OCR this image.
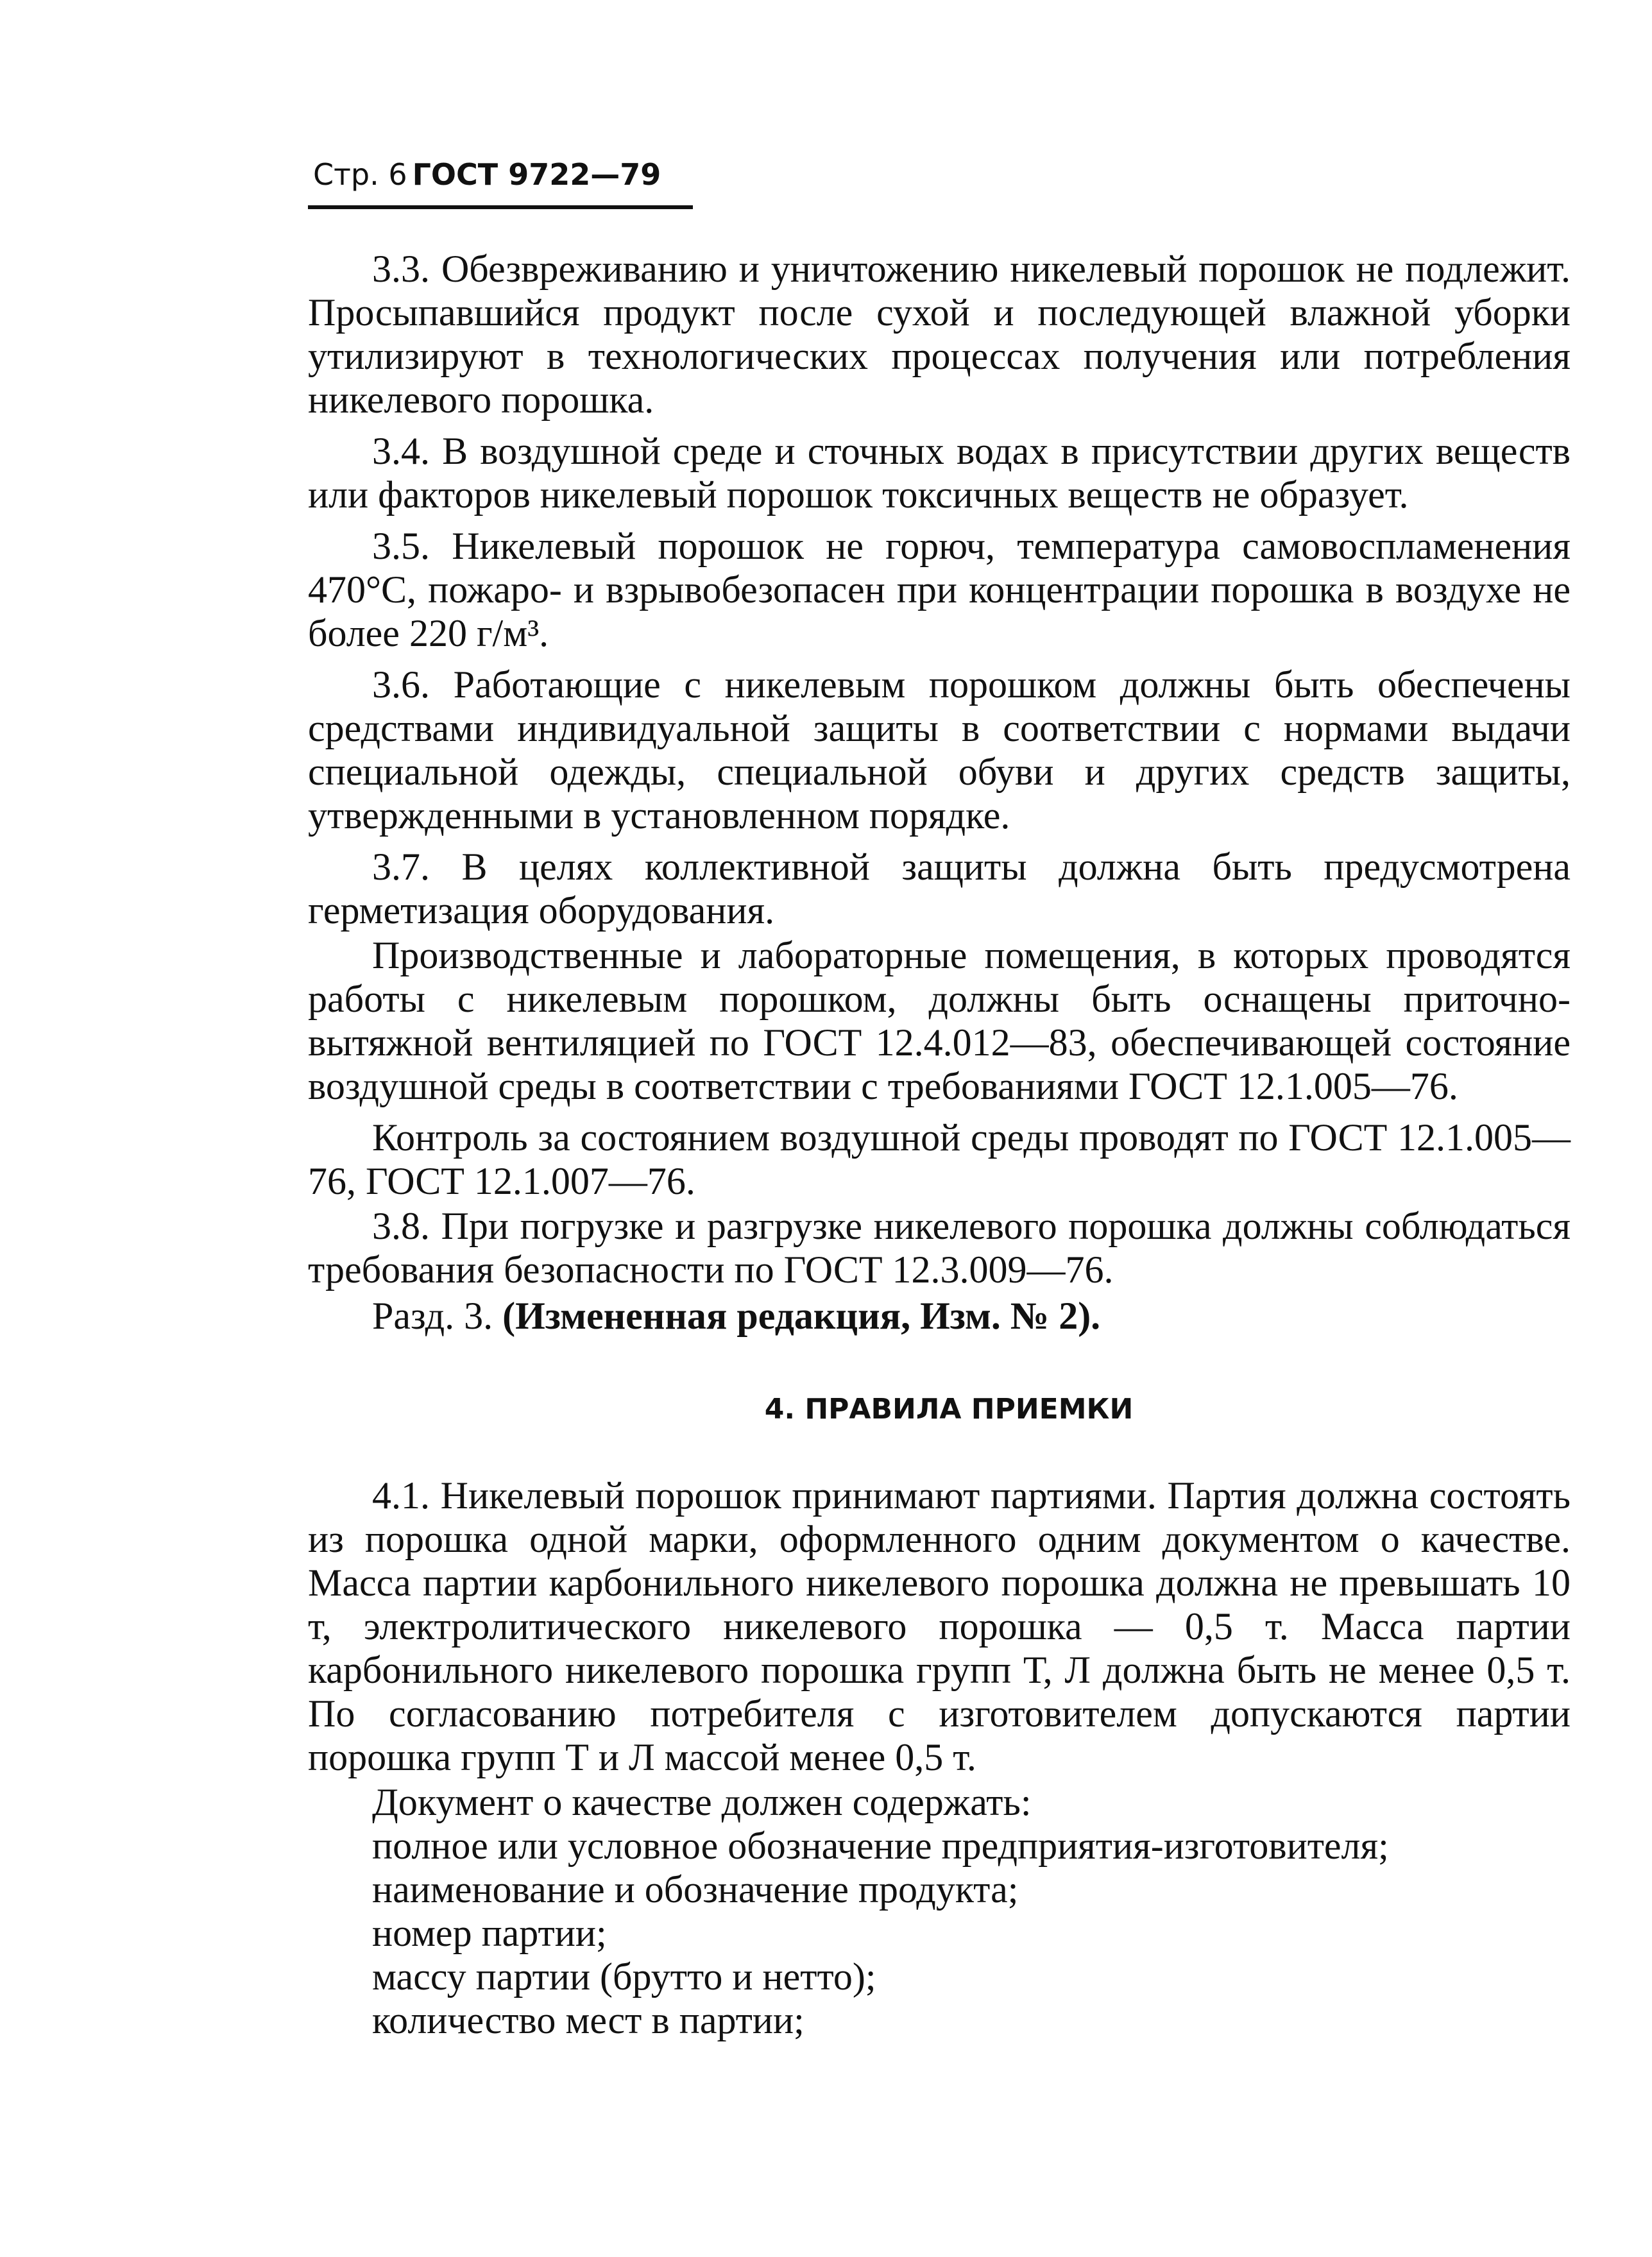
Стр. 6 ГОСТ 9722—79

3.3. Обезвреживанию и уничтожению никелевый порошок не подлежит. Просыпавшийся продукт после сухой и последующей влажной уборки утилизируют в технологических процессах получения или потребления никелевого порошка.

3.4. В воздушной среде и сточных водах в присутствии других веществ или факторов никелевый порошок токсичных веществ не образует.

3.5. Никелевый порошок не горюч, температура самовоспламенения 470°С, пожаро- и взрывобезопасен при концентрации порошка в воздухе не более 220 г/м³.

3.6. Работающие с никелевым порошком должны быть обеспечены средствами индивидуальной защиты в соответствии с нормами выдачи специальной одежды, специальной обуви и других средств защиты, утвержденными в установленном порядке.

3.7. В целях коллективной защиты должна быть предусмотрена герметизация оборудования.

Производственные и лабораторные помещения, в которых проводятся работы с никелевым порошком, должны быть оснащены приточно-вытяжной вентиляцией по ГОСТ 12.4.012—83, обеспечивающей состояние воздушной среды в соответствии с требованиями ГОСТ 12.1.005—76.

Контроль за состоянием воздушной среды проводят по ГОСТ 12.1.005—76, ГОСТ 12.1.007—76.

3.8. При погрузке и разгрузке никелевого порошка должны соблюдаться требования безопасности по ГОСТ 12.3.009—76.

Разд. 3. (Измененная редакция, Изм. № 2).

4. ПРАВИЛА ПРИЕМКИ

4.1. Никелевый порошок принимают партиями. Партия должна состоять из порошка одной марки, оформленного одним документом о качестве. Масса партии карбонильного никелевого порошка должна не превышать 10 т, электролитического никелевого порошка — 0,5 т. Масса партии карбонильного никелевого порошка групп Т, Л должна быть не менее 0,5 т. По согласованию потребителя с изготовителем допускаются партии порошка групп Т и Л массой менее 0,5 т.

Документ о качестве должен содержать:

полное или условное обозначение предприятия-изготовителя;

наименование и обозначение продукта;

номер партии;

массу партии (брутто и нетто);

количество мест в партии;
